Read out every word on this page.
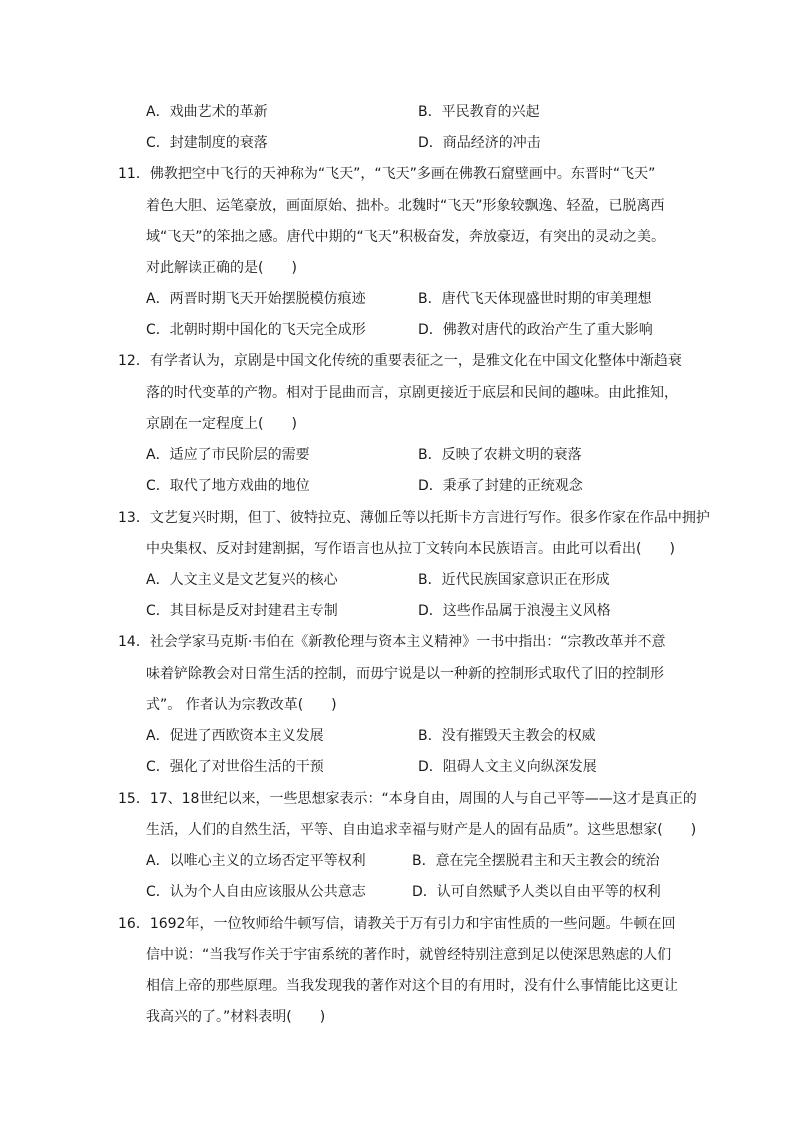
A．戏曲艺术的革新	B．平民教育的兴起
C．封建制度的衰落	D．商品经济的冲击
11．佛教把空中飞行的天神称为“飞天”，“飞天”多画在佛教石窟壁画中。东晋时“飞天”
着色大胆、运笔豪放，画面原始、拙朴。北魏时“飞天”形象较飘逸、轻盈，已脱离西
域“飞天”的笨拙之感。唐代中期的“飞天”积极奋发，奔放豪迈，有突出的灵动之美。
对此解读正确的是(　　)
A．两晋时期飞天开始摆脱模仿痕迹	B．唐代飞天体现盛世时期的审美理想
C．北朝时期中国化的飞天完全成形	D．佛教对唐代的政治产生了重大影响
12．有学者认为，京剧是中国文化传统的重要表征之一，是雅文化在中国文化整体中渐趋衰
落的时代变革的产物。相对于昆曲而言，京剧更接近于底层和民间的趣味。由此推知，
京剧在一定程度上(　　)
A．适应了市民阶层的需要	B．反映了农耕文明的衰落
C．取代了地方戏曲的地位	D．秉承了封建的正统观念
13．文艺复兴时期，但丁、彼特拉克、薄伽丘等以托斯卡方言进行写作。很多作家在作品中拥护
中央集权、反对封建割据，写作语言也从拉丁文转向本民族语言。由此可以看出(　　)
A．人文主义是文艺复兴的核心	B．近代民族国家意识正在形成
C．其目标是反对封建君主专制	D．这些作品属于浪漫主义风格
14．社会学家马克斯·韦伯在《新教伦理与资本主义精神》一书中指出：“宗教改革并不意
味着铲除教会对日常生活的控制，而毋宁说是以一种新的控制形式取代了旧的控制形
式”。 作者认为宗教改革(　　)
A．促进了西欧资本主义发展	B．没有摧毁天主教会的权威
C．强化了对世俗生活的干预	D．阻碍人文主义向纵深发展
15．17、18世纪以来，一些思想家表示：“本身自由，周围的人与自己平等——这才是真正的
生活，人们的自然生活，平等、自由追求幸福与财产是人的固有品质”。这些思想家(　　)
A．以唯心主义的立场否定平等权利	B．意在完全摆脱君主和天主教会的统治
C．认为个人自由应该服从公共意志	D．认可自然赋予人类以自由平等的权利
16．1692年，一位牧师给牛顿写信，请教关于万有引力和宇宙性质的一些问题。牛顿在回
信中说：“当我写作关于宇宙系统的著作时，就曾经特别注意到足以使深思熟虑的人们
相信上帝的那些原理。当我发现我的著作对这个目的有用时，没有什么事情能比这更让
我高兴的了。”材料表明(　　)
